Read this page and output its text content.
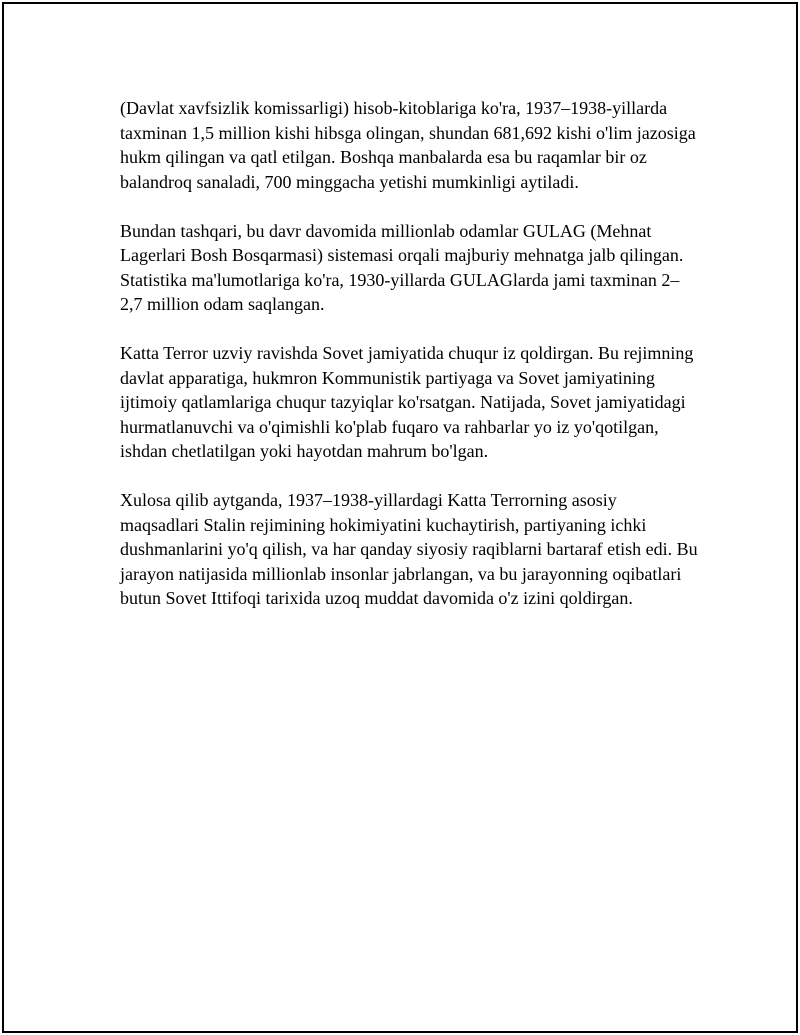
(Davlat xavfsizlik komissarligi) hisob-kitoblariga ko'ra, 1937–1938-yillarda taxminan 1,5 million kishi hibsga olingan, shundan 681,692 kishi o'lim jazosiga hukm qilingan va qatl etilgan. Boshqa manbalarda esa bu raqamlar bir oz balandroq sanaladi, 700 minggacha yetishi mumkinligi aytiladi.

Bundan tashqari, bu davr davomida millionlab odamlar GULAG (Mehnat Lagerlari Bosh Bosqarmasi) sistemasi orqali majburiy mehnatga jalb qilingan. Statistika ma'lumotlariga ko'ra, 1930-yillarda GULAGlarda jami taxminan 2–2,7 million odam saqlangan.

Katta Terror uzviy ravishda Sovet jamiyatida chuqur iz qoldirgan. Bu rejimning davlat apparatiga, hukmron Kommunistik partiyaga va Sovet jamiyatining ijtimoiy qatlamlariga chuqur tazyiqlar ko'rsatgan. Natijada, Sovet jamiyatidagi hurmatlanuvchi va o'qimishli ko'plab fuqaro va rahbarlar yo iz yo'qotilgan, ishdan chetlatilgan yoki hayotdan mahrum bo'lgan.

Xulosa qilib aytganda, 1937–1938-yillardagi Katta Terrorning asosiy maqsadlari Stalin rejimining hokimiyatini kuchaytirish, partiyaning ichki dushmanlarini yo'q qilish, va har qanday siyosiy raqiblarni bartaraf etish edi. Bu jarayon natijasida millionlab insonlar jabrlangan, va bu jarayonning oqibatlari butun Sovet Ittifoqi tarixida uzoq muddat davomida o'z izini qoldirgan.
